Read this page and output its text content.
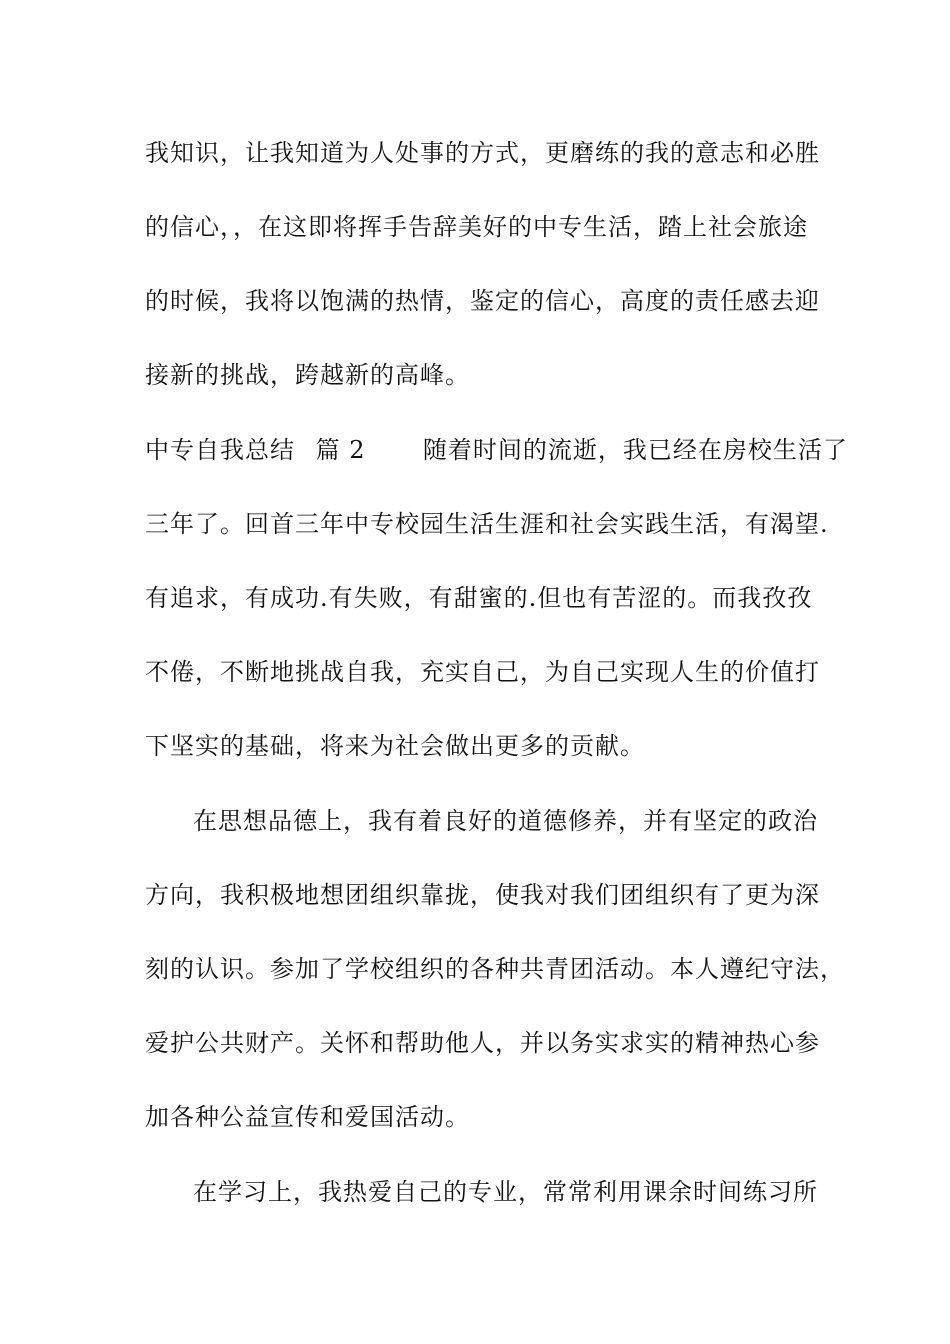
我知识，让我知道为人处事的方式，更磨练的我的意志和必胜
的信心，，在这即将挥手告辞美好的中专生活，踏上社会旅途
的时候，我将以饱满的热情，鉴定的信心，高度的责任感去迎
接新的挑战，跨越新的高峰。
中专自我总结 篇 2 随着时间的流逝，我已经在房校生活了
三年了。回首三年中专校园生活生涯和社会实践生活，有渴望.
有追求，有成功.有失败，有甜蜜的.但也有苦涩的。而我孜孜
不倦，不断地挑战自我，充实自己，为自己实现人生的价值打
下坚实的基础，将来为社会做出更多的贡献。
在思想品德上，我有着良好的道德修养，并有坚定的政治
方向，我积极地想团组织靠拢，使我对我们团组织有了更为深
刻的认识。参加了学校组织的各种共青团活动。本人遵纪守法，
爱护公共财产。关怀和帮助他人，并以务实求实的精神热心参
加各种公益宣传和爱国活动。
在学习上，我热爱自己的专业，常常利用课余时间练习所
